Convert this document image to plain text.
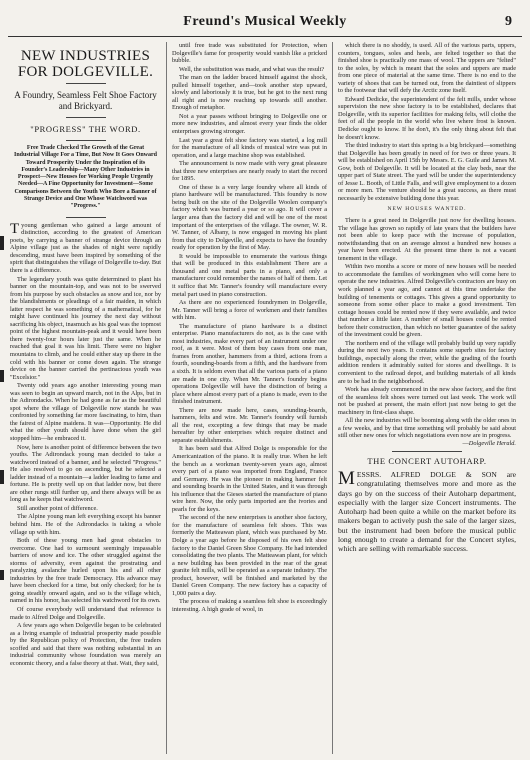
Freund's Musical Weekly	9
NEW INDUSTRIES
FOR DOLGEVILLE.
A Foundry, Seamless Felt Shoe Factory and Brickyard.
"PROGRESS" THE WORD.
Free Trade Checked The Growth of the Great Industrial Village For a Time, But Now It Goes Onward Toward Prosperity Under the Inspiration of its Founder's Leadership—Many Other Industries in Prospect—New Houses for Working People Urgently Needed—A Fine Opportunity for Investment—Some Comparisons Between the Youth Who Bore a Banner of Strange Device and One Whose Watchword was "Progress."

Tyoung gentleman who gained a large amount of distinction, according to the greatest of American poets, by carrying a banner of strange device through an Alpine village just as the shades of night were rapidly descending, must have been inspired by something of the spirit that distinguishes the village of Dolgeville to-day. But there is a difference.

The legendary youth was quite determined to plant his banner on the mountain-top, and was not to be swerved from his purpose by such obstacles as snow and ice, nor by the blandishments or pleadings of a fair maiden, in which latter respect he was something of a mathematical, for he might have continued his journey the next day without sacrificing his object, inasmuch as his goal was the topmost point of the highest mountain-peak and it would have been there twenty-four hours later just the same. When he reached that goal it was his limit. There were no higher mountains to climb, and he could either stay up there in the cold with his banner or come down again. The strange device on the banner carried the pertinacious youth was "Excelsior."

Twenty odd years ago another interesting young man was seen to begin an upward march, not in the Alps, but in the Adirondacks. When he had gone as far as the beautiful spot where the village of Dolgeville now stands he was confronted by something far more fascinating, to him, than the fairest of Alpine maidens. It was—Opportunity. He did what the other youth should have done when the girl stopped him—he embraced it.

Now, here is another point of difference between the two youths. The Adirondack young man decided to take a watchword instead of a banner, and he selected "Progress." He also resolved to go on ascending, but he selected a ladder instead of a mountain—a ladder leading to fame and fortune. He is pretty well up on that ladder now, but there are other rungs still further up, and there always will be as long as he keeps that watchword.

Still another point of difference.

The Alpine young man left everything except his banner behind him. He of the Adirondacks is taking a whole village up with him.

Both of these young men had great obstacles to overcome. One had to surmount seemingly impassable barriers of snow and ice. The other struggled against the storms of adversity, even against the prostrating and paralyzing avalanche hurled upon his and all other industries by the free trade Democracy. His advance may have been checked for a time, but only checked; for he is going steadily onward again, and so is the village which, named in his honor, has selected his watchword for its own.

Of course everybody will understand that reference is made to Alfred Dolge and Dolgeville.

A few years ago when Dolgeville began to be celebrated as a living example of industrial prosperity made possible by the Republican policy of Protection, the free traders scoffed and said that there was nothing substantial in an industrial community whose foundation was merely an economic theory, and a false theory at that. Wait, they said,

until free trade was substituted for Protection, when Dolgeville's fame for prosperity would vanish like a pricked bubble.

Well, the substitution was made, and what was the result?

The man on the ladder braced himself against the shock, pulled himself together, and—took another step upward, slowly and laboriously it is true, but he got to the next rung all right and is now reaching up towards still another. Enough of metaphor.

Not a year passes without bringing to Dolgeville one or more new industries, and almost every year finds the older enterprises growing stronger.

Last year a great felt shoe factory was started, a log mill for the manufacture of all kinds of musical wire was put in operation, and a large machine shop was established.

The announcement is now made with very great pleasure that three new enterprises are nearly ready to start the record for 1895.

One of these is a very large foundry where all kinds of piano hardware will be manufactured. This foundry is now being built on the site of the Dolgeville Woolen company's factory which was burned a year or so ago. It will cover a larger area than the factory did and will be one of the most important of the enterprises of the village. The owner, W. R. W. Tanner, of Albany, is now engaged in moving his plant from that city to Dolgeville, and expects to have the foundry ready for operation by the first of May.

It would be impossible to enumerate the various things that will be produced in this establishment There are a thousand and one metal parts in a piano, and only a manufacturer could remember the names of half of them. Let it suffice that Mr. Tanner's foundry will manufacture every metal part used in piano construction.

As there are no experienced foundrymen in Dolgeville, Mr. Tanner will bring a force of workmen and their families with him.

The manufacture of piano hardware is a distinct enterprise. Piano manufacturers do not, as is the case with most industries, make every part of an instrument under one roof, as it were. Most of them buy cases from one man, frames from another, hammers from a third, actions from a fourth, sounding-boards from a fifth, and the hardware from a sixth. It is seldom even that all the various parts of a piano are made in one city. When Mr. Tanner's foundry begins operations Dolgeville will have the distinction of being a place where almost every part of a piano is made, even to the finished instrument.

There are now made here, cases, sounding-boards, hammers, felts and wire. Mr. Tanner's foundry will furnish all the rest, excepting a few things that may be made hereafter by other enterprises which require distinct and separate establishments.

It has been said that Alfred Dolge is responsible for the Americanization of the piano. It is really true. When he left the bench as a workman twenty-seven years ago, almost every part of a piano was imported from England, France and Germany. He was the pioneer in making hammer felt and sounding boards in the United States, and it was through his influence that the Gieses started the manufacture of piano wire here. Now, the only parts imported are the ivories and pearls for the keys.

The second of the new enterprises is another shoe factory, for the manufacture of seamless felt shoes. This was formerly the Matteawan plant, which was purchased by Mr. Dolge a year ago before he disposed of his own felt shoe factory to the Daniel Green Shoe Company. He had intended consolidating the two plants. The Matteawan plant, for which a new building has been provided in the rear of the great granite felt mills, will be operated as a separate industry. The product, however, will be finished and marketed by the Daniel Green Company. The new factory has a capacity of 1,000 pairs a day.

The process of making a seamless felt shoe is exceedingly interesting. A high grade of wool, in

which there is no shoddy, is used. All of the various parts, uppers, counters, tongues, soles and heels, are felted together so that the finished shoe is practically one mass of wool. The uppers are "felted" to the soles, by which is meant that the soles and uppers are made from one piece of material at the same time. There is no end to the variety of shoes that can be turned out, from the daintiest of slippers to the footwear that will defy the Arctic zone itself.

Edward Dedicke, the superintendent of the felt mills, under whose supervision the new shoe factory is to be established, declares that Dolgeville, with its superior facilities for making felts, will clothe the feet of all the people in the world who live where frost is known. Dedicke ought to know. If he don't, it's the only thing about felt that he doesn't know.

The third industry to start this spring is a big brickyard—something that Dolgeville has been greatly in need of for two or three years. It will be established on April 15th by Messrs. E. G. Guile and James M. Gow, both of Dolgeville. It will be located at the clay beds, near the upper part of State street. The yard will be under the superintendency of Jesse L. Booth, of Little Falls, and will give employment to a dozen or more men. The venture should be a great success, as there must necessarily be extensive building done this year.

NEW HOUSES WANTED.

There is a great need in Dolgeville just now for dwelling houses. The village has grown so rapidly of late years that the builders have not been able to keep pace with the increase of population, notwithstanding that on an average almost a hundred new houses a year have been erected. At the present time there is not a vacant tenement in the village.

Within two months a score or more of new houses will be needed to accommodate the families of workingmen who will come here to operate the new industries. Alfred Dolgeville's contractors are busy on work planned a year ago, and cannot at this time undertake the building of tenements or cottages. This gives a grand opportunity to someone from some other place to make a good investment. Ten cottage houses could be rented now if they were available, and twice that number a little later. A number of small houses could be rented before their construction, than which no better guarantee of the safety of the investment could be given.

The northern end of the village will probably build up very rapidly during the next two years. It contains some superb sites for factory buildings, especially along the river, while the grading of the fourth addition renders it admirably suited for stores and dwellings. It is convenient to the railroad depot, and building materials of all kinds are to be had in the neighborhood.

Work has already commenced in the new shoe factory, and the first of the seamless felt shoes were turned out last week. The work will not be pushed at present, the main effort just now being to get the machinery in first-class shape.

All the new industries will be booming along with the older ones in a few weeks, and by that time something will probably be said about still other new ones for which negotiations even now are in progress.

—Dolgeville Herald.

THE CONCERT AUTOHARP.

MESSRS. ALFRED DOLGE & SON are congratulating themselves more and more as the days go by on the success of their Autoharp department, especially with the larger size Concert instruments. The Autoharp had been quite a while on the market before its makers began to actively push the sale of the larger sizes, but the instrument had been before the musical public long enough to create a demand for the Concert styles, which are selling with remarkable success.
